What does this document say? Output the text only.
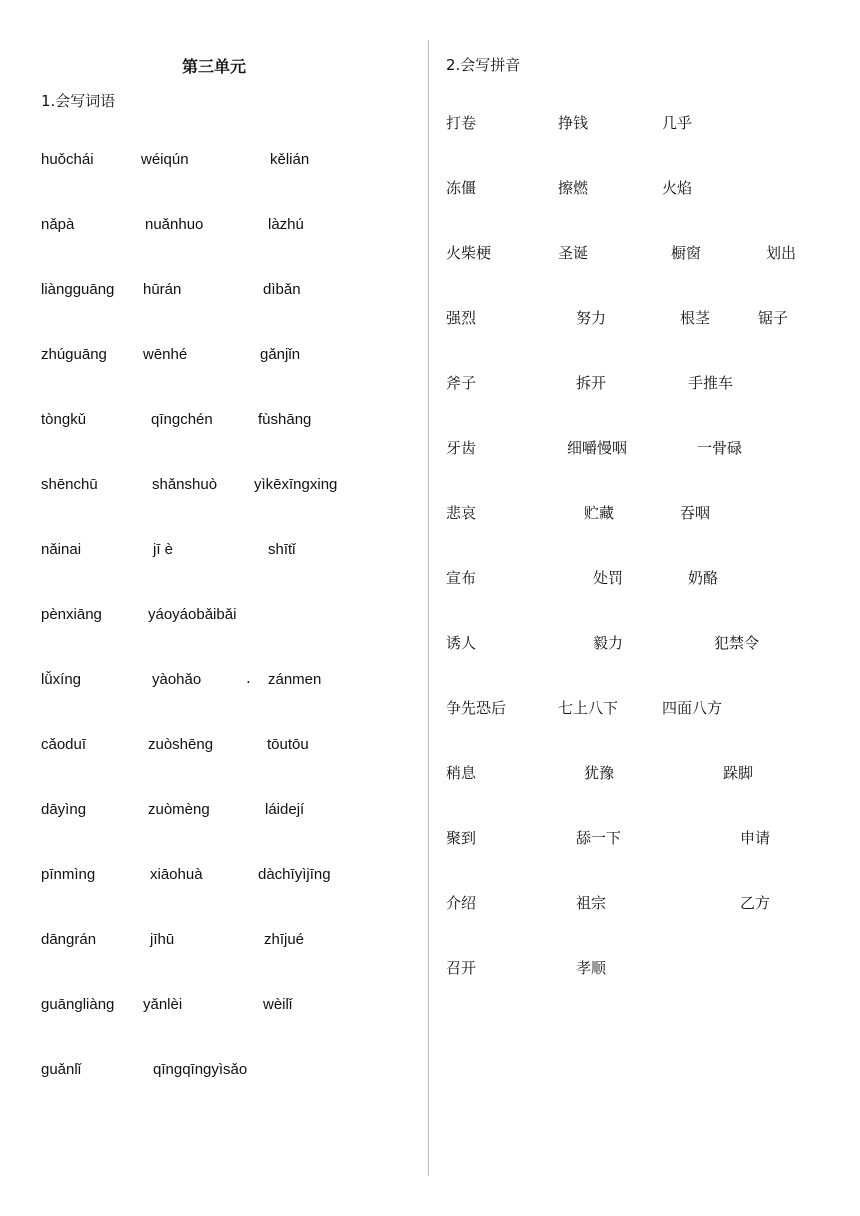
第三单元
1.会写词语
2.会写拼音
huǒchái	wéiqún	kělián
nǎpà	nuǎnhuo	làzhú
liàngguāng hūrán	dìbǎn
zhúguāng wēnhé	gǎnjǐn
tòngkǔ	qīngchén	fùshāng
shēnchū	shǎnshuò yìkēxīngxing
nǎinai	jī è	shītǐ
pènxiāng	yáoyáobǎibǎi
lǚxíng	yàohǎo	. zánmen
cǎoduī	zuòshēng	tōutōu
dāyìng	zuòmèng	láidejí
pīnmìng	xiāohuà	dàchīyìjīng
dāngrán	jīhū	zhījué
guāngliàng yǎnlèi	wèilǐ
guǎnlǐ	qīngqīngyìsǎo
打卷	挣钱	几乎
冻僵	擦燃	火焰
火柴梗	圣诞	橱窗	划出
强烈	努力	根茎	锯子
斧子	拆开	手推车
牙齿	细嚼慢咽	一骨碌
悲哀	贮藏	吞咽
宣布	处罚	奶酪
诱人	毅力	犯禁令
争先恐后	七上八下	四面八方
稍息	犹豫	跺脚
聚到	舔一下	申请
介绍	祖宗	乙方
召开	孝顺
